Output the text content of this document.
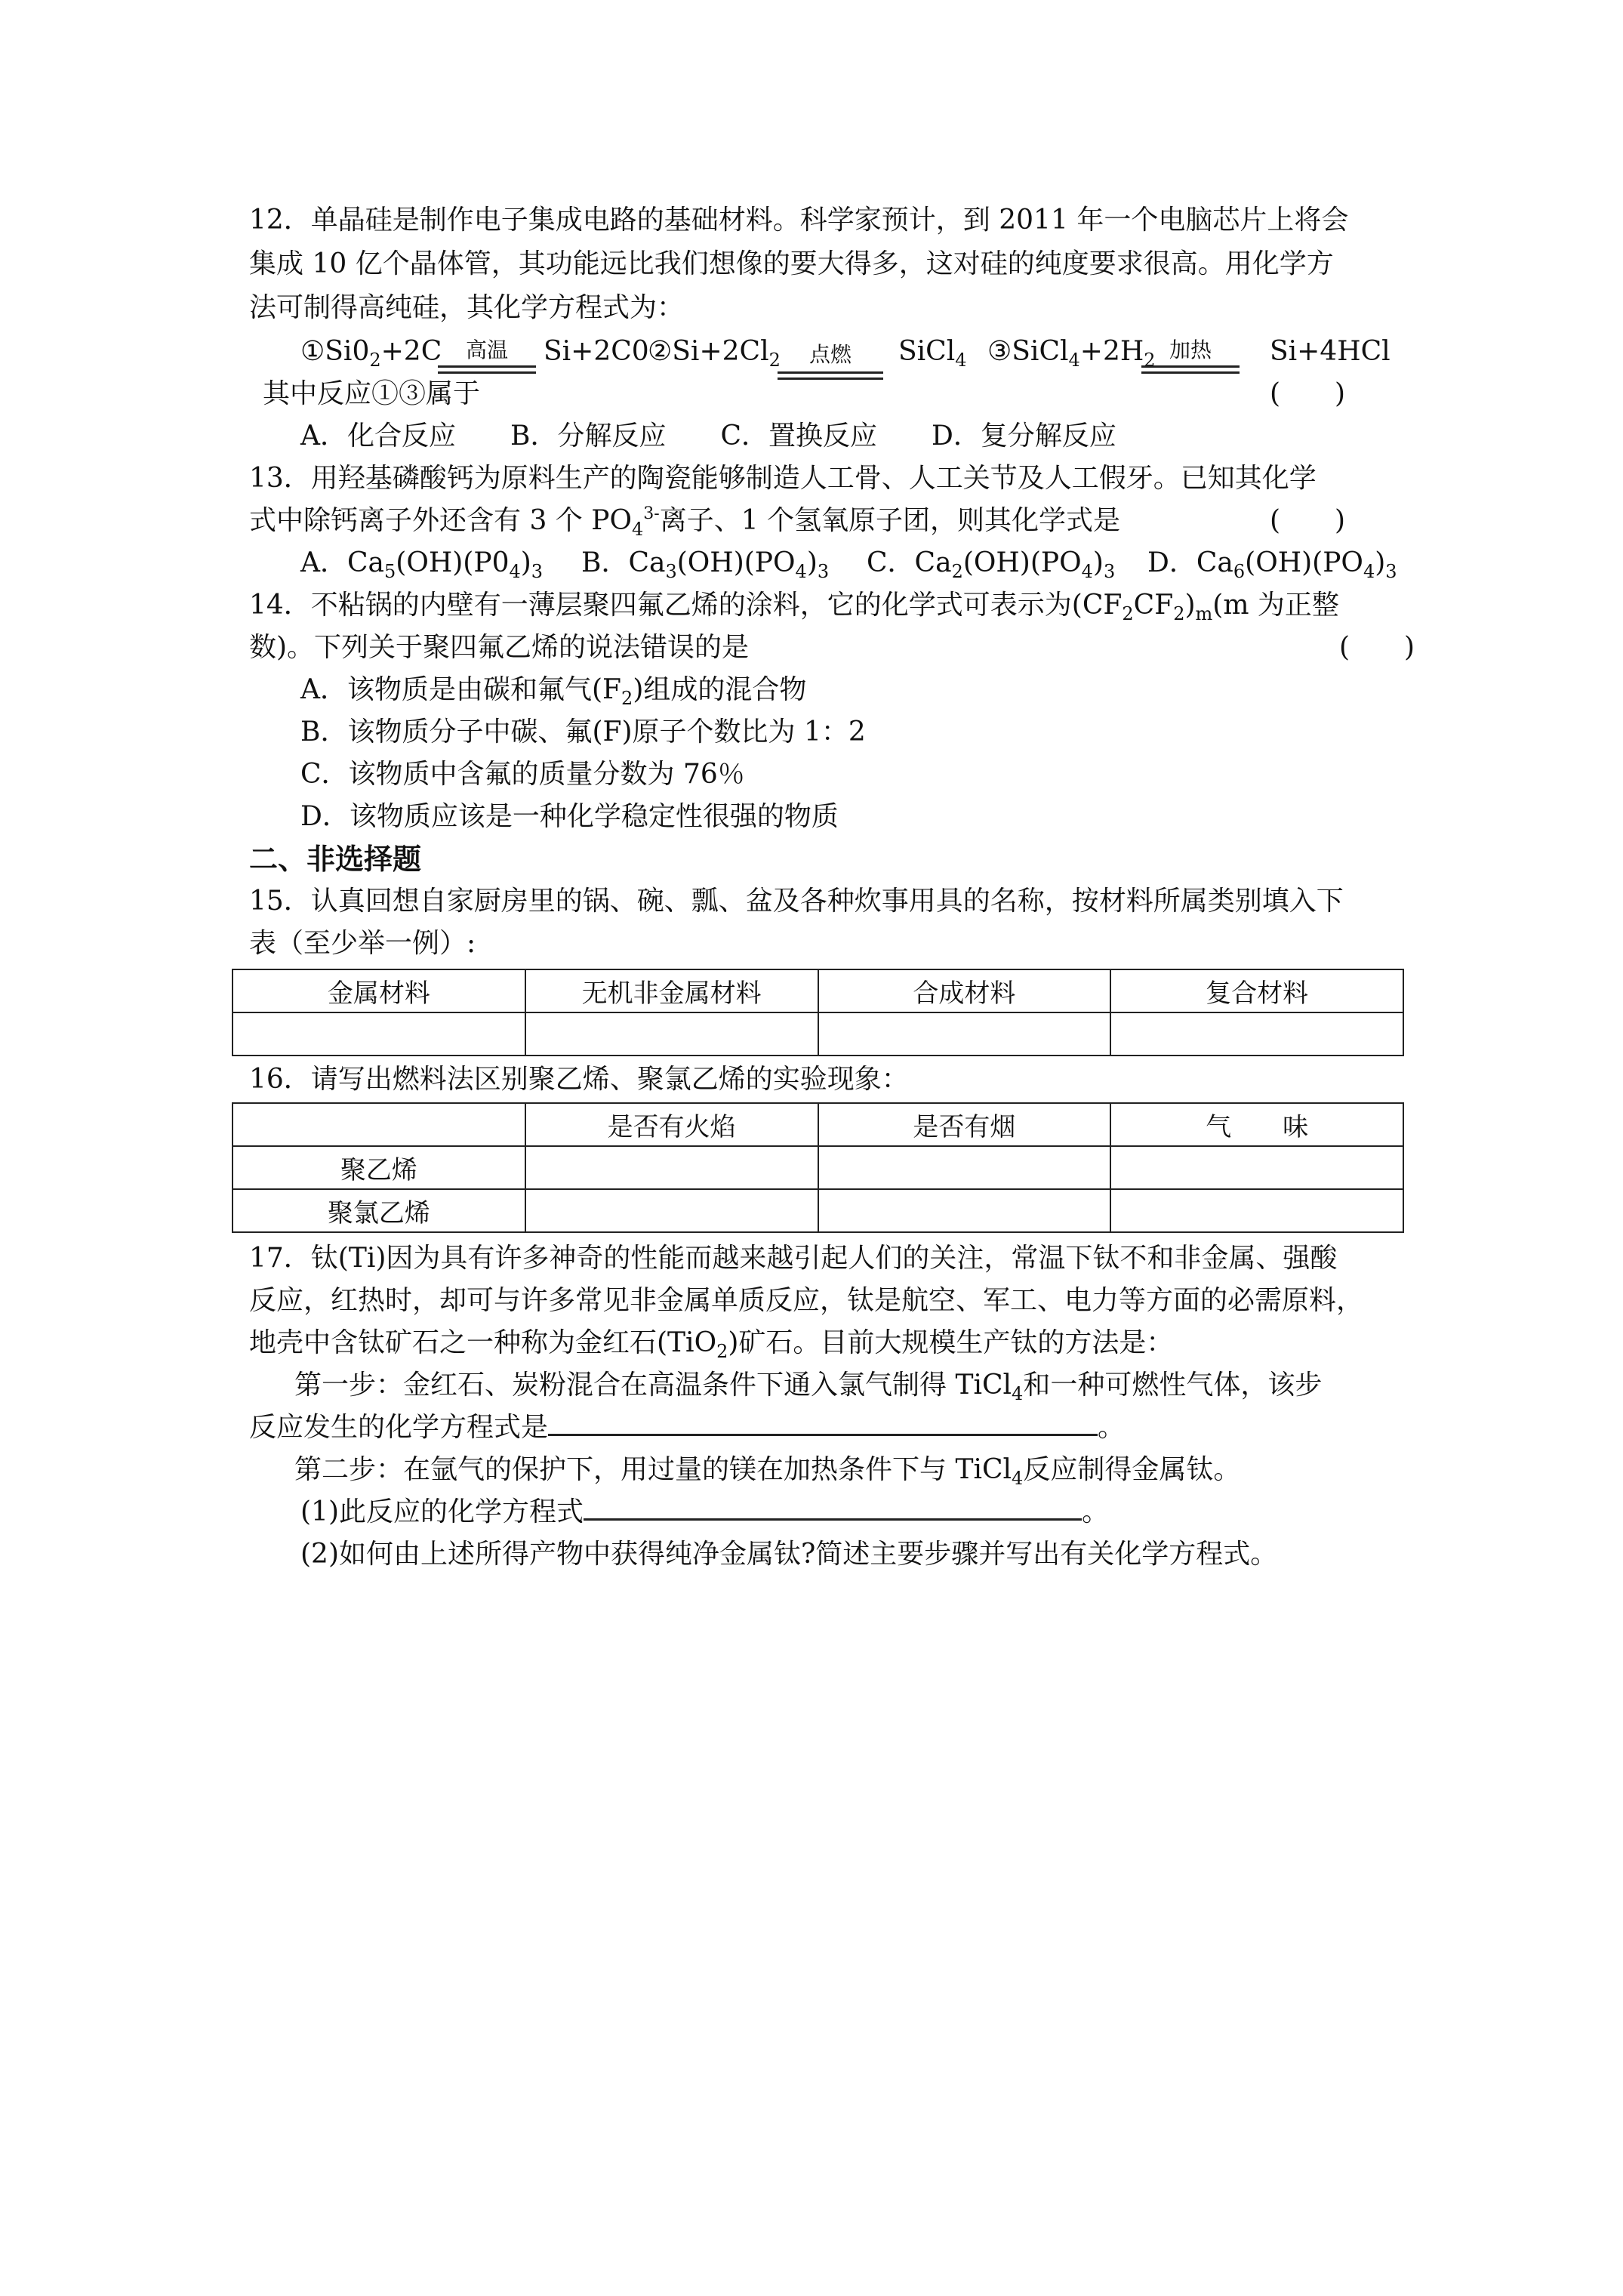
12．单晶硅是制作电子集成电路的基础材料。科学家预计，到 2011 年一个电脑芯片上将会
集成 10 亿个晶体管，其功能远比我们想像的要大得多，这对硅的纯度要求很高。用化学方
法可制得高纯硅，其化学方程式为：
$①Si0_2+2C$	高温	Si+2C0
$②Si+2Cl_2$	点燃	SiCl$_4$ $③SiCl_4+2H_2$ 加热	Si+4HCl
其中反应①③属于	(　　)
A．化合反应　　B．分解反应　　C．置换反应　　D．复分解反应
13．用羟基磷酸钙为原料生产的陶瓷能够制造人工骨、人工关节及人工假牙。已知其化学
式中除钙离子外还含有 3 个 $PO_4^{3-}$离子、1 个氢氧原子团，则其化学式是	(　　)
A．$Ca_5(OH)(P0_4)_3$ B．$Ca_3(OH)(PO_4)_3$ C．$Ca_2(OH)(PO_4)_3$ D．$Ca_6(OH)(PO_4)_3$
14．不粘锅的内壁有一薄层聚四氟乙烯的涂料，它的化学式可表示为$(CF_2CF_2)_m(m$ 为正整
数)。下列关于聚四氟乙烯的说法错误的是	(　　)
A．该物质是由碳和氟气$(F_2)$组成的混合物
B．该物质分子中碳、氟(F)原子个数比为 1：2
C．该物质中含氟的质量分数为 76％
D．该物质应该是一种化学稳定性很强的物质
二、非选择题
15．认真回想自家厨房里的锅、碗、瓢、盆及各种炊事用具的名称，按材料所属类别填入下
表（至少举一例）:
金属材料	无机非金属材料	合成材料	复合材料

16．请写出燃料法区别聚乙烯、聚氯乙烯的实验现象：
	是否有火焰	是否有烟	气　　味
聚乙烯			
聚氯乙烯			
17．钛(Ti)因为具有许多神奇的性能而越来越引起人们的关注，常温下钛不和非金属、强酸
反应，红热时，却可与许多常见非金属单质反应，钛是航空、军工、电力等方面的必需原料，
地壳中含钛矿石之一种称为金红石(TiO$_2$)矿石。目前大规模生产钛的方法是：
第一步：金红石、炭粉混合在高温条件下通入氯气制得 TiCl$_4$和一种可燃性气体，该步
反应发生的化学方程式是	。
第二步：在氩气的保护下，用过量的镁在加热条件下与 TiCl$_4$反应制得金属钛。
(1)此反应的化学方程式	。
(2)如何由上述所得产物中获得纯净金属钛?简述主要步骤并写出有关化学方程式。
